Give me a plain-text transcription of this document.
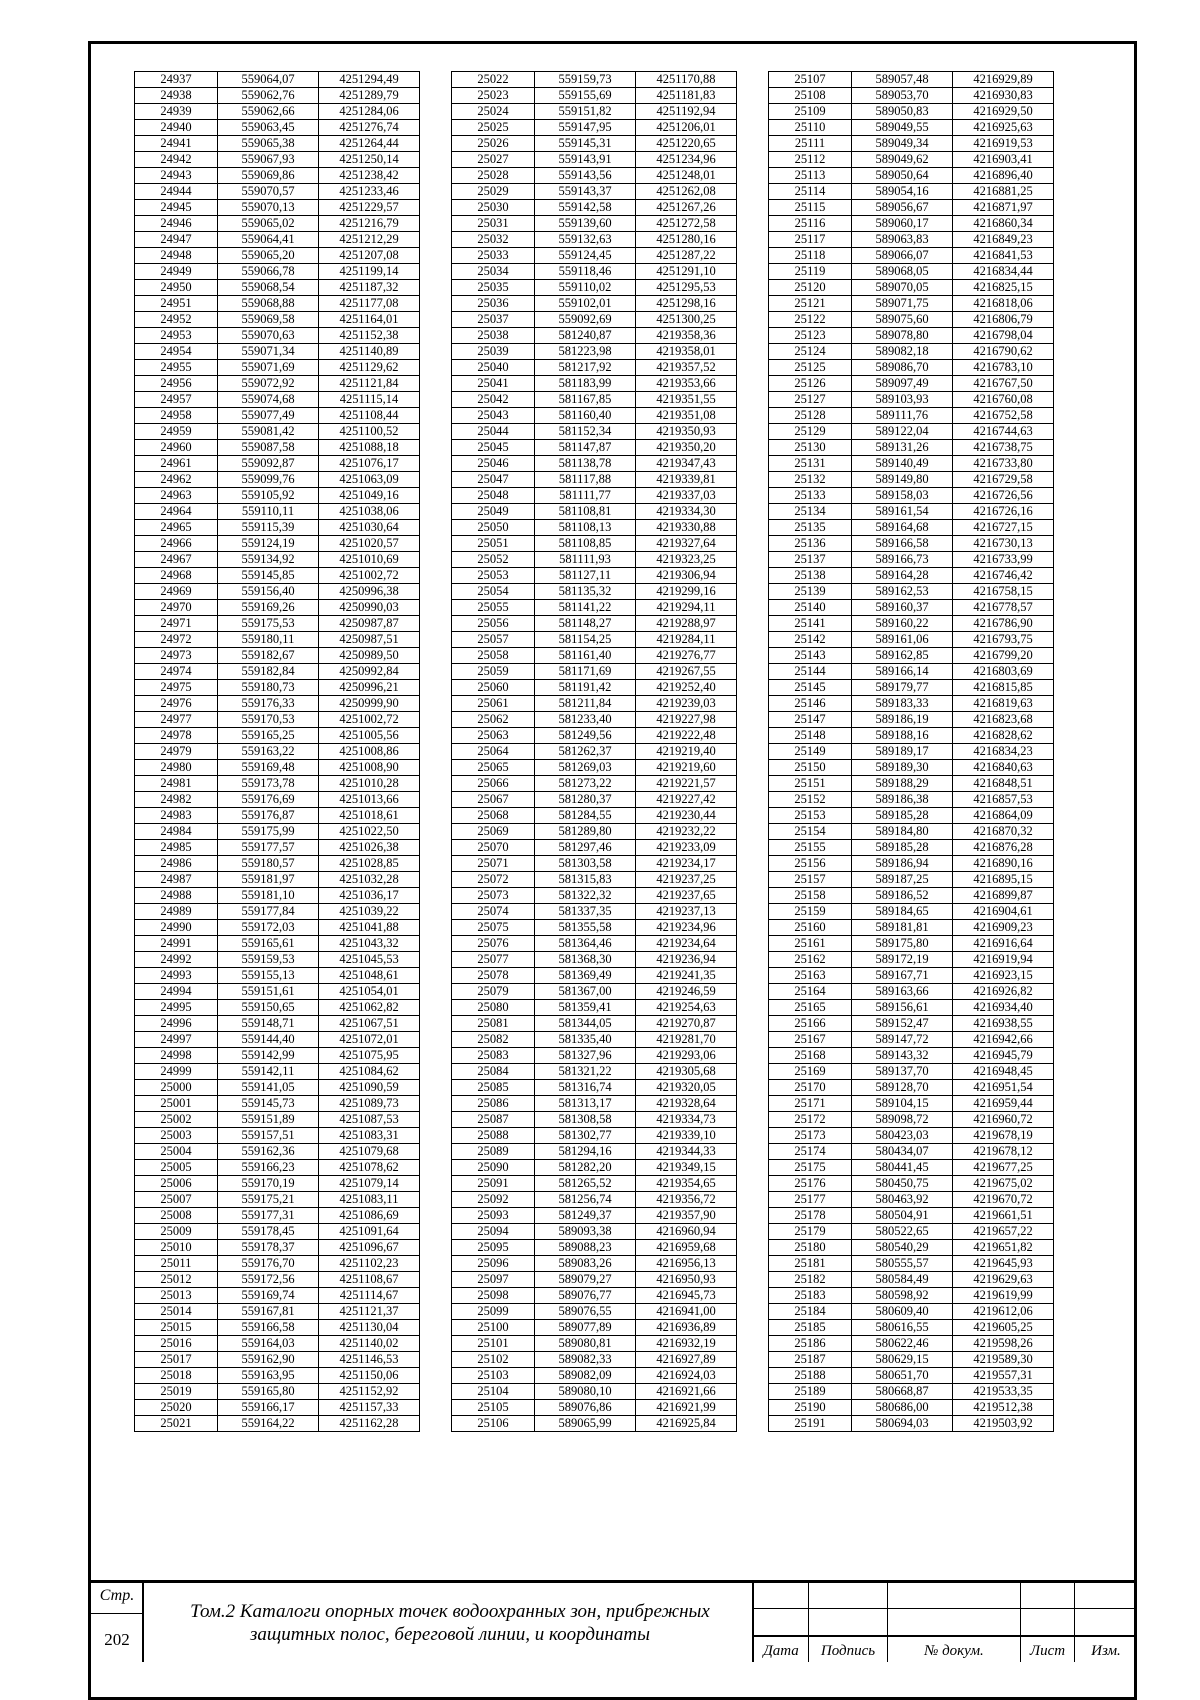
24937	559064,07	4251294,49
24938	559062,76	4251289,79
24939	559062,66	4251284,06
24940	559063,45	4251276,74
24941	559065,38	4251264,44
24942	559067,93	4251250,14
24943	559069,86	4251238,42
24944	559070,57	4251233,46
24945	559070,13	4251229,57
24946	559065,02	4251216,79
24947	559064,41	4251212,29
24948	559065,20	4251207,08
24949	559066,78	4251199,14
24950	559068,54	4251187,32
24951	559068,88	4251177,08
24952	559069,58	4251164,01
24953	559070,63	4251152,38
24954	559071,34	4251140,89
24955	559071,69	4251129,62
24956	559072,92	4251121,84
24957	559074,68	4251115,14
24958	559077,49	4251108,44
24959	559081,42	4251100,52
24960	559087,58	4251088,18
24961	559092,87	4251076,17
24962	559099,76	4251063,09
24963	559105,92	4251049,16
24964	559110,11	4251038,06
24965	559115,39	4251030,64
24966	559124,19	4251020,57
24967	559134,92	4251010,69
24968	559145,85	4251002,72
24969	559156,40	4250996,38
24970	559169,26	4250990,03
24971	559175,53	4250987,87
24972	559180,11	4250987,51
24973	559182,67	4250989,50
24974	559182,84	4250992,84
24975	559180,73	4250996,21
24976	559176,33	4250999,90
24977	559170,53	4251002,72
24978	559165,25	4251005,56
24979	559163,22	4251008,86
24980	559169,48	4251008,90
24981	559173,78	4251010,28
24982	559176,69	4251013,66
24983	559176,87	4251018,61
24984	559175,99	4251022,50
24985	559177,57	4251026,38
24986	559180,57	4251028,85
24987	559181,97	4251032,28
24988	559181,10	4251036,17
24989	559177,84	4251039,22
24990	559172,03	4251041,88
24991	559165,61	4251043,32
24992	559159,53	4251045,53
24993	559155,13	4251048,61
24994	559151,61	4251054,01
24995	559150,65	4251062,82
24996	559148,71	4251067,51
24997	559144,40	4251072,01
24998	559142,99	4251075,95
24999	559142,11	4251084,62
25000	559141,05	4251090,59
25001	559145,73	4251089,73
25002	559151,89	4251087,53
25003	559157,51	4251083,31
25004	559162,36	4251079,68
25005	559166,23	4251078,62
25006	559170,19	4251079,14
25007	559175,21	4251083,11
25008	559177,31	4251086,69
25009	559178,45	4251091,64
25010	559178,37	4251096,67
25011	559176,70	4251102,23
25012	559172,56	4251108,67
25013	559169,74	4251114,67
25014	559167,81	4251121,37
25015	559166,58	4251130,04
25016	559164,03	4251140,02
25017	559162,90	4251146,53
25018	559163,95	4251150,06
25019	559165,80	4251152,92
25020	559166,17	4251157,33
25021	559164,22	4251162,28
25022	559159,73	4251170,88
25023	559155,69	4251181,83
25024	559151,82	4251192,94
25025	559147,95	4251206,01
25026	559145,31	4251220,65
25027	559143,91	4251234,96
25028	559143,56	4251248,01
25029	559143,37	4251262,08
25030	559142,58	4251267,26
25031	559139,60	4251272,58
25032	559132,63	4251280,16
25033	559124,45	4251287,22
25034	559118,46	4251291,10
25035	559110,02	4251295,53
25036	559102,01	4251298,16
25037	559092,69	4251300,25
25038	581240,87	4219358,36
25039	581223,98	4219358,01
25040	581217,92	4219357,52
25041	581183,99	4219353,66
25042	581167,85	4219351,55
25043	581160,40	4219351,08
25044	581152,34	4219350,93
25045	581147,87	4219350,20
25046	581138,78	4219347,43
25047	581117,88	4219339,81
25048	581111,77	4219337,03
25049	581108,81	4219334,30
25050	581108,13	4219330,88
25051	581108,85	4219327,64
25052	581111,93	4219323,25
25053	581127,11	4219306,94
25054	581135,32	4219299,16
25055	581141,22	4219294,11
25056	581148,27	4219288,97
25057	581154,25	4219284,11
25058	581161,40	4219276,77
25059	581171,69	4219267,55
25060	581191,42	4219252,40
25061	581211,84	4219239,03
25062	581233,40	4219227,98
25063	581249,56	4219222,48
25064	581262,37	4219219,40
25065	581269,03	4219219,60
25066	581273,22	4219221,57
25067	581280,37	4219227,42
25068	581284,55	4219230,44
25069	581289,80	4219232,22
25070	581297,46	4219233,09
25071	581303,58	4219234,17
25072	581315,83	4219237,25
25073	581322,32	4219237,65
25074	581337,35	4219237,13
25075	581355,58	4219234,96
25076	581364,46	4219234,64
25077	581368,30	4219236,94
25078	581369,49	4219241,35
25079	581367,00	4219246,59
25080	581359,41	4219254,63
25081	581344,05	4219270,87
25082	581335,40	4219281,70
25083	581327,96	4219293,06
25084	581321,22	4219305,68
25085	581316,74	4219320,05
25086	581313,17	4219328,64
25087	581308,58	4219334,73
25088	581302,77	4219339,10
25089	581294,16	4219344,33
25090	581282,20	4219349,15
25091	581265,52	4219354,65
25092	581256,74	4219356,72
25093	581249,37	4219357,90
25094	589093,38	4216960,94
25095	589088,23	4216959,68
25096	589083,26	4216956,13
25097	589079,27	4216950,93
25098	589076,77	4216945,73
25099	589076,55	4216941,00
25100	589077,89	4216936,89
25101	589080,81	4216932,19
25102	589082,33	4216927,89
25103	589082,09	4216924,03
25104	589080,10	4216921,66
25105	589076,86	4216921,99
25106	589065,99	4216925,84
25107	589057,48	4216929,89
25108	589053,70	4216930,83
25109	589050,83	4216929,50
25110	589049,55	4216925,63
25111	589049,34	4216919,53
25112	589049,62	4216903,41
25113	589050,64	4216896,40
25114	589054,16	4216881,25
25115	589056,67	4216871,97
25116	589060,17	4216860,34
25117	589063,83	4216849,23
25118	589066,07	4216841,53
25119	589068,05	4216834,44
25120	589070,05	4216825,15
25121	589071,75	4216818,06
25122	589075,60	4216806,79
25123	589078,80	4216798,04
25124	589082,18	4216790,62
25125	589086,70	4216783,10
25126	589097,49	4216767,50
25127	589103,93	4216760,08
25128	589111,76	4216752,58
25129	589122,04	4216744,63
25130	589131,26	4216738,75
25131	589140,49	4216733,80
25132	589149,80	4216729,58
25133	589158,03	4216726,56
25134	589161,54	4216726,16
25135	589164,68	4216727,15
25136	589166,58	4216730,13
25137	589166,73	4216733,99
25138	589164,28	4216746,42
25139	589162,53	4216758,15
25140	589160,37	4216778,57
25141	589160,22	4216786,90
25142	589161,06	4216793,75
25143	589162,85	4216799,20
25144	589166,14	4216803,69
25145	589179,77	4216815,85
25146	589183,33	4216819,63
25147	589186,19	4216823,68
25148	589188,16	4216828,62
25149	589189,17	4216834,23
25150	589189,30	4216840,63
25151	589188,29	4216848,51
25152	589186,38	4216857,53
25153	589185,28	4216864,09
25154	589184,80	4216870,32
25155	589185,28	4216876,28
25156	589186,94	4216890,16
25157	589187,25	4216895,15
25158	589186,52	4216899,87
25159	589184,65	4216904,61
25160	589181,81	4216909,23
25161	589175,80	4216916,64
25162	589172,19	4216919,94
25163	589167,71	4216923,15
25164	589163,66	4216926,82
25165	589156,61	4216934,40
25166	589152,47	4216938,55
25167	589147,72	4216942,66
25168	589143,32	4216945,79
25169	589137,70	4216948,45
25170	589128,70	4216951,54
25171	589104,15	4216959,44
25172	589098,72	4216960,72
25173	580423,03	4219678,19
25174	580434,07	4219678,12
25175	580441,45	4219677,25
25176	580450,75	4219675,02
25177	580463,92	4219670,72
25178	580504,91	4219661,51
25179	580522,65	4219657,22
25180	580540,29	4219651,82
25181	580555,57	4219645,93
25182	580584,49	4219629,63
25183	580598,92	4219619,99
25184	580609,40	4219612,06
25185	580616,55	4219605,25
25186	580622,46	4219598,26
25187	580629,15	4219589,30
25188	580651,70	4219557,31
25189	580668,87	4219533,35
25190	580686,00	4219512,38
25191	580694,03	4219503,92
Стр.
202
Том.2 Каталоги опорных точек водоохранных зон, прибрежных защитных полос, береговой линии, и координаты
Дата	Подпись	№ докум.	Лист	Изм.
